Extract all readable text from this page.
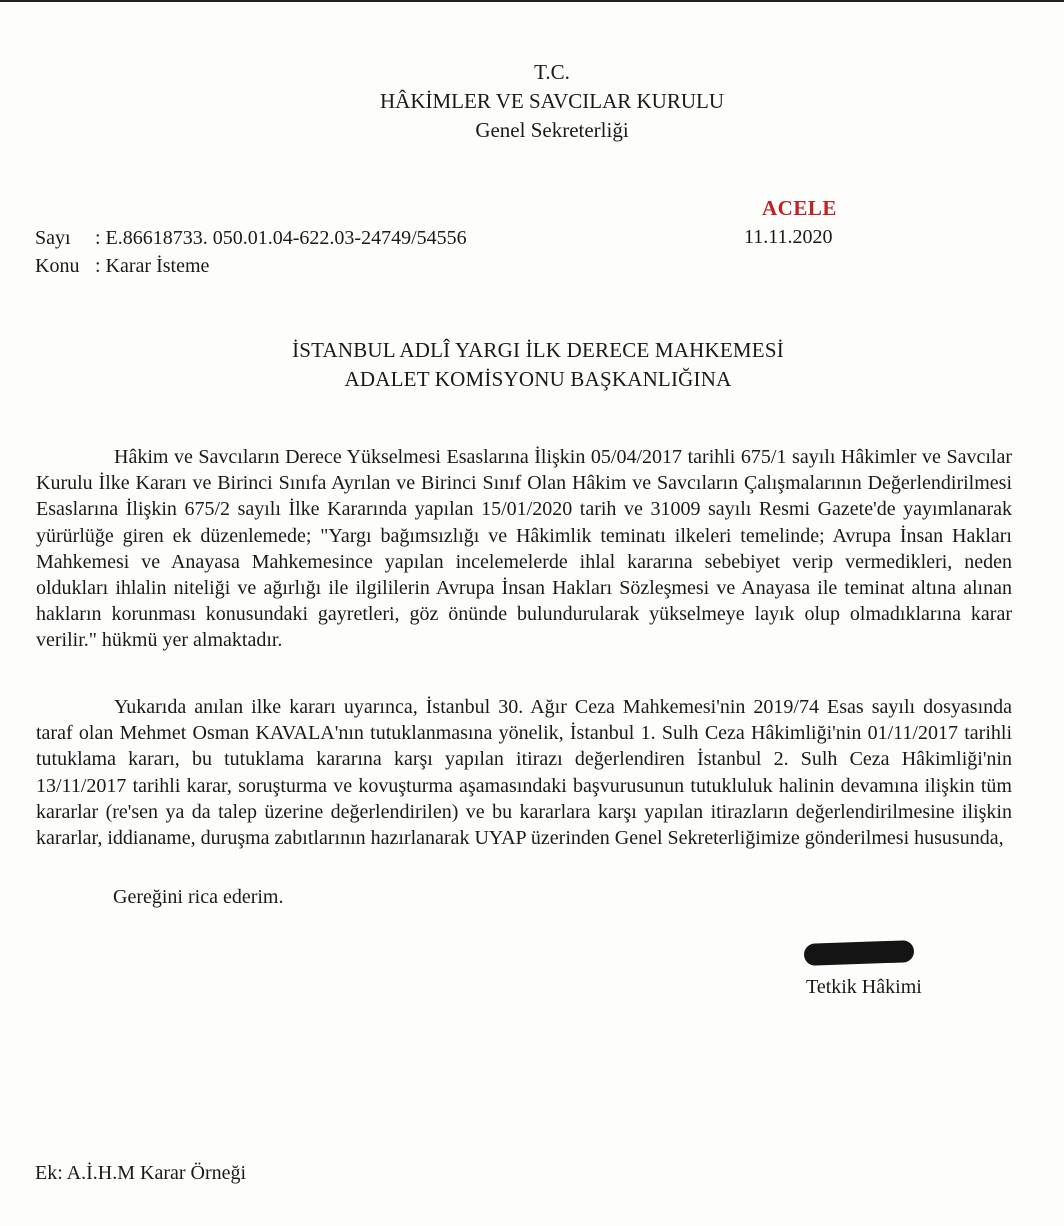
T.C.
HÂKİMLER VE SAVCILAR KURULU
Genel Sekreterliği
ACELE
11.11.2020
Sayı : E.86618733. 050.01.04-622.03-24749/54556
Konu : Karar İsteme
İSTANBUL ADLÎ YARGI İLK DERECE MAHKEMESİ
ADALET KOMİSYONU BAŞKANLIĞINA

Hâkim ve Savcıların Derece Yükselmesi Esaslarına İlişkin 05/04/2017 tarihli 675/1 sayılı Hâkimler ve Savcılar Kurulu İlke Kararı ve Birinci Sınıfa Ayrılan ve Birinci Sınıf Olan Hâkim ve Savcıların Çalışmalarının Değerlendirilmesi Esaslarına İlişkin 675/2 sayılı İlke Kararında yapılan 15/01/2020 tarih ve 31009 sayılı Resmi Gazete'de yayımlanarak yürürlüğe giren ek düzenlemede; "Yargı bağımsızlığı ve Hâkimlik teminatı ilkeleri temelinde; Avrupa İnsan Hakları Mahkemesi ve Anayasa Mahkemesince yapılan incelemelerde ihlal kararına sebebiyet verip vermedikleri, neden oldukları ihlalin niteliği ve ağırlığı ile ilgililerin Avrupa İnsan Hakları Sözleşmesi ve Anayasa ile teminat altına alınan hakların korunması konusundaki gayretleri, göz önünde bulundurularak yükselmeye layık olup olmadıklarına karar verilir." hükmü yer almaktadır.

Yukarıda anılan ilke kararı uyarınca, İstanbul 30. Ağır Ceza Mahkemesi'nin 2019/74 Esas sayılı dosyasında taraf olan Mehmet Osman KAVALA'nın tutuklanmasına yönelik, İstanbul 1. Sulh Ceza Hâkimliği'nin 01/11/2017 tarihli tutuklama kararı, bu tutuklama kararına karşı yapılan itirazı değerlendiren İstanbul 2. Sulh Ceza Hâkimliği'nin 13/11/2017 tarihli karar, soruşturma ve kovuşturma aşamasındaki başvurusunun tutukluluk halinin devamına ilişkin tüm kararlar (re'sen ya da talep üzerine değerlendirilen) ve bu kararlara karşı yapılan itirazların değerlendirilmesine ilişkin kararlar, iddianame, duruşma zabıtlarının hazırlanarak UYAP üzerinden Genel Sekreterliğimize gönderilmesi hususunda,

Gereğini rica ederim.
Tetkik Hâkimi
Ek: A.İ.H.M Karar Örneği
